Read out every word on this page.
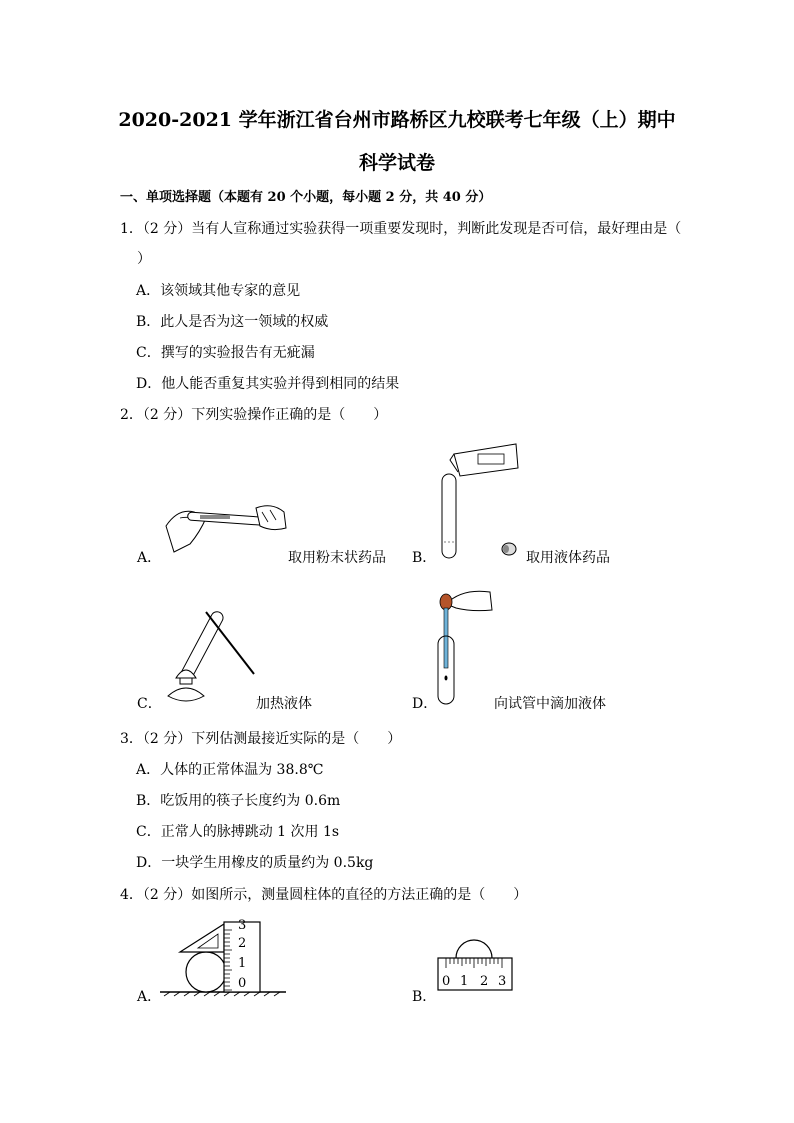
2020-2021 学年浙江省台州市路桥区九校联考七年级（上）期中
科学试卷
一、单项选择题（本题有 20 个小题，每小题 2 分，共 40 分）
1．（2 分）当有人宣称通过实验获得一项重要发现时，判断此发现是否可信，最好理由是（
）
A．该领域其他专家的意见
B．此人是否为这一领域的权威
C．撰写的实验报告有无疵漏
D．他人能否重复其实验并得到相同的结果
2．（2 分）下列实验操作正确的是（　　）
A．	取用粉末状药品 B．	取用液体药品
C．	加热液体	D．	向试管中滴加液体
3．（2 分）下列估测最接近实际的是（　　）
A．人体的正常体温为 38.8℃
B．吃饭用的筷子长度约为 0.6m
C．正常人的脉搏跳动 1 次用 1s
D．一块学生用橡皮的质量约为 0.5kg
4．（2 分）如图所示，测量圆柱体的直径的方法正确的是（　　）
A．
3
2
1
0
B．
0 1 2 3
